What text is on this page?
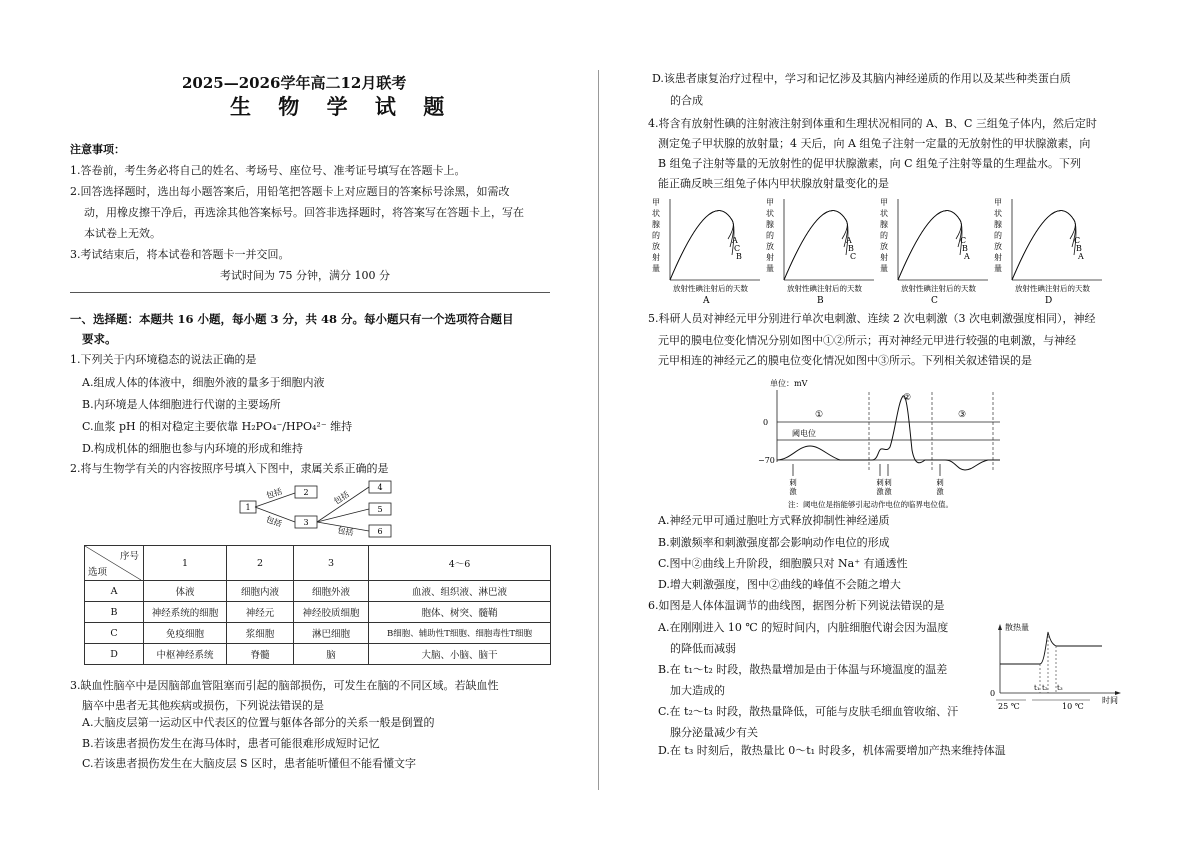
2025—2026学年高二12月联考
生 物 学 试 题
注意事项：
1.答卷前，考生务必将自己的姓名、考场号、座位号、准考证号填写在答题卡上。
2.回答选择题时，选出每小题答案后，用铅笔把答题卡上对应题目的答案标号涂黑，如需改
动，用橡皮擦干净后，再选涂其他答案标号。回答非选择题时，将答案写在答题卡上，写在
本试卷上无效。
3.考试结束后，将本试卷和答题卡一并交回。
考试时间为 75 分钟，满分 100 分
一、选择题：本题共 16 小题，每小题 3 分，共 48 分。每小题只有一个选项符合题目
要求。
1.下列关于内环境稳态的说法正确的是
A.组成人体的体液中，细胞外液的量多于细胞内液
B.内环境是人体细胞进行代谢的主要场所
C.血浆 pH 的相对稳定主要依靠 H₂PO₄⁻/HPO₄²⁻ 维持
D.构成机体的细胞也参与内环境的形成和维持
2.将与生物学有关的内容按照序号填入下图中，隶属关系正确的是
1
2
3
4
5
6
包括
包括
包括
包括
序号
选项	1	2	3	4～6
A	体液	细胞内液	细胞外液	血液、组织液、淋巴液
B	神经系统的细胞	神经元	神经胶质细胞	胞体、树突、髓鞘
C	免疫细胞	浆细胞	淋巴细胞	B细胞、辅助性T细胞、细胞毒性T细胞
D	中枢神经系统	脊髓	脑	大脑、小脑、脑干
3.缺血性脑卒中是因脑部血管阻塞而引起的脑部损伤，可发生在脑的不同区域。若缺血性
脑卒中患者无其他疾病或损伤，下列说法错误的是
A.大脑皮层第一运动区中代表区的位置与躯体各部分的关系一般是倒置的
B.若该患者损伤发生在海马体时，患者可能很难形成短时记忆
C.若该患者损伤发生在大脑皮层 S 区时，患者能听懂但不能看懂文字
D.该患者康复治疗过程中，学习和记忆涉及其脑内神经递质的作用以及某些种类蛋白质
的合成
4.将含有放射性碘的注射液注射到体重和生理状况相同的 A、B、C 三组兔子体内，然后定时
测定兔子甲状腺的放射量；4 天后，向 A 组兔子注射一定量的无放射性的甲状腺激素，向
B 组兔子注射等量的无放射性的促甲状腺激素，向 C 组兔子注射等量的生理盐水。下列
能正确反映三组兔子体内甲状腺放射量变化的是
甲
状
腺
的
放
射
量
A
C
B
放射性碘注射后的天数
A
甲
状
腺
的
放
射
量
A
B
C
放射性碘注射后的天数
B
甲
状
腺
的
放
射
量
C
B
A
放射性碘注射后的天数
C
甲
状
腺
的
放
射
量
C
B
A
放射性碘注射后的天数
D
5.科研人员对神经元甲分别进行单次电刺激、连续 2 次电刺激（3 次电刺激强度相同），神经
元甲的膜电位变化情况分别如图中①②所示；再对神经元甲进行较强的电刺激，与神经
元甲相连的神经元乙的膜电位变化情况如图中③所示。下列相关叙述错误的是
单位：mV
0
−70
阈电位
①
②
③
刺
激
刺
激
刺
激
刺
激
注：阈电位是指能够引起动作电位的临界电位值。
A.神经元甲可通过胞吐方式释放抑制性神经递质
B.刺激频率和刺激强度都会影响动作电位的形成
C.图中②曲线上升阶段，细胞膜只对 Na⁺ 有通透性
D.增大刺激强度，图中②曲线的峰值不会随之增大
6.如图是人体体温调节的曲线图，据图分析下列说法错误的是
A.在刚刚进入 10 ℃ 的短时间内，内脏细胞代谢会因为温度
的降低而减弱
B.在 t₁～t₂ 时段，散热量增加是由于体温与环境温度的温差
加大造成的
C.在 t₂～t₃ 时段，散热量降低，可能与皮肤毛细血管收缩、汗
腺分泌量减少有关
D.在 t₃ 时刻后，散热量比 0～t₁ 时段多，机体需要增加产热来维持体温
散热量
0
t₁ t₂ t₃
时间
25 ℃	10 ℃
